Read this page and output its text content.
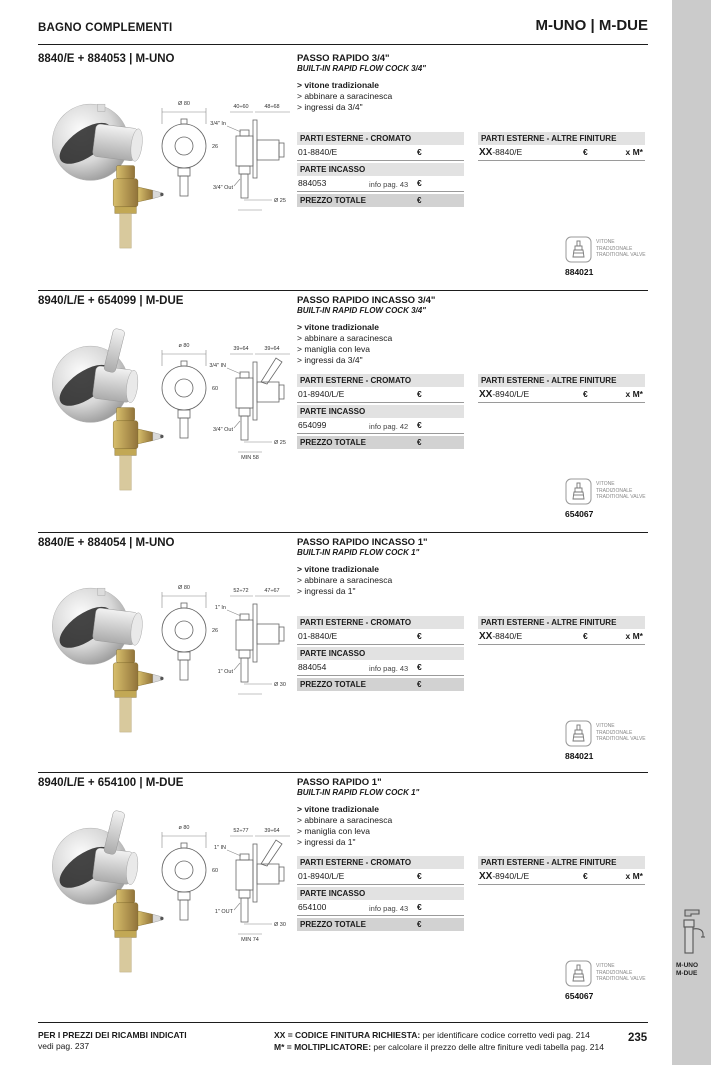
M-UNO
M-DUE
BAGNO COMPLEMENTI	M-UNO | M-DUE
8840/E + 884053 | M-UNO
Ø 80
26
40÷60	48÷68
3/4" In
3/4" Out
Ø 25
PASSO RAPIDO 3/4"
BUILT-IN RAPID FLOW COCK 3/4"
> vitone tradizionale
> abbinare a saracinesca
> ingressi da 3/4"
PARTI ESTERNE - CROMATO
01-8840/E	€
PARTE INCASSO
884053	info pag. 43 €
PREZZO TOTALE	€
PARTI ESTERNE - ALTRE FINITURE
XX-8840/E	€	x M*
VITONE
TRADIZIONALE
TRADITIONAL VALVE
884021
8940/L/E + 654099 | M-DUE
ø 80
60
39÷64	39÷64
3/4" IN
3/4" Out
Ø 25
MIN 58
PASSO RAPIDO INCASSO 3/4"
BUILT-IN RAPID FLOW COCK 3/4"
> vitone tradizionale
> abbinare a saracinesca
> maniglia con leva
> ingressi da 3/4"
PARTI ESTERNE - CROMATO
01-8940/L/E	€
PARTE INCASSO
654099	info pag. 42 €
PREZZO TOTALE	€
PARTI ESTERNE - ALTRE FINITURE
XX-8940/L/E	€	x M*
VITONE
TRADIZIONALE
TRADITIONAL VALVE
654067
8840/E + 884054 | M-UNO
Ø 80
26
52÷72	47÷67
1" In
1" Out
Ø 30
PASSO RAPIDO INCASSO 1"
BUILT-IN RAPID FLOW COCK 1"
> vitone tradizionale
> abbinare a saracinesca
> ingressi da 1"
PARTI ESTERNE - CROMATO
01-8840/E	€
PARTE INCASSO
884054	info pag. 43 €
PREZZO TOTALE	€
PARTI ESTERNE - ALTRE FINITURE
XX-8840/E	€	x M*
VITONE
TRADIZIONALE
TRADITIONAL VALVE
884021
8940/L/E + 654100 | M-DUE
ø 80
60
52÷77	39÷64
1" IN
1" OUT
Ø 30
MIN 74
PASSO RAPIDO 1"
BUILT-IN RAPID FLOW COCK 1"
> vitone tradizionale
> abbinare a saracinesca
> maniglia con leva
> ingressi da 1"
PARTI ESTERNE - CROMATO
01-8940/L/E	€
PARTE INCASSO
654100	info pag. 43 €
PREZZO TOTALE	€
PARTI ESTERNE - ALTRE FINITURE
XX-8940/L/E	€	x M*
VITONE
TRADIZIONALE
TRADITIONAL VALVE
654067
PER I PREZZI DEI RICAMBI INDICATI
vedi pag. 237
XX = CODICE FINITURA RICHIESTA: per identificare codice corretto vedi pag. 214
M* = MOLTIPLICATORE: per calcolare il prezzo delle altre finiture vedi tabella pag. 214
235
